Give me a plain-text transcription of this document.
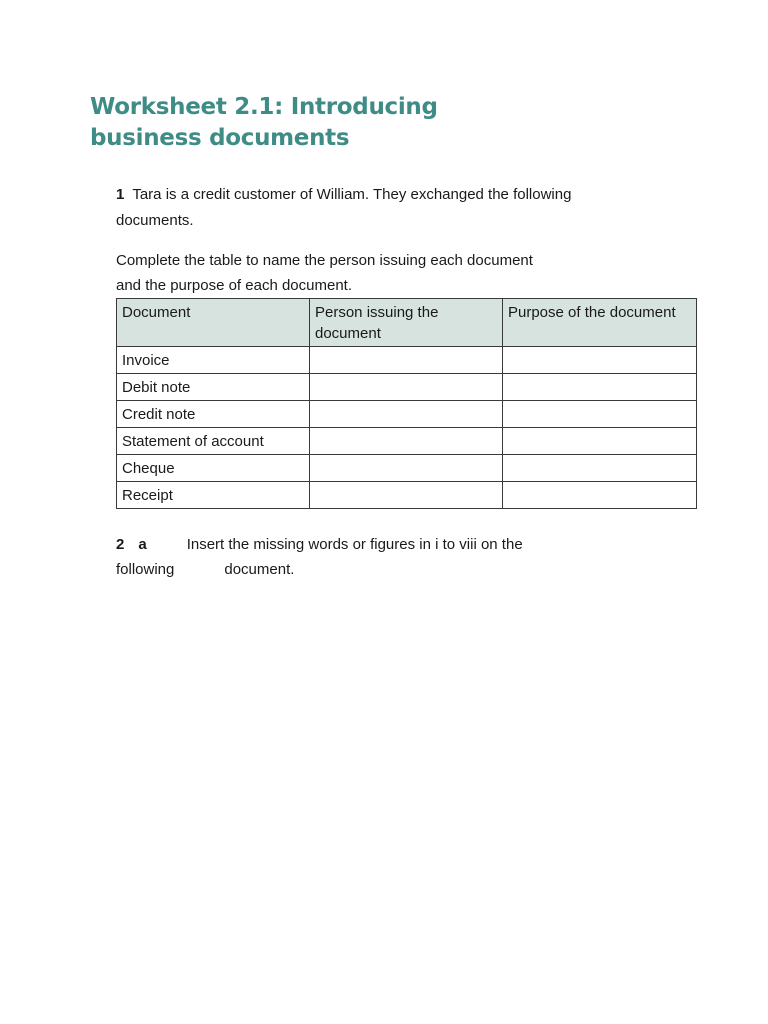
Worksheet 2.1: Introducing business documents

1 Tara is a credit customer of William. They exchanged the following documents.

Complete the table to name the person issuing each document and the purpose of each document.

Document	Person issuing the document	Purpose of the document
Invoice		
Debit note		
Credit note		
Statement of account		
Cheque		
Receipt		

2 a	Insert the missing words or figures in i to viii on the following	document.
